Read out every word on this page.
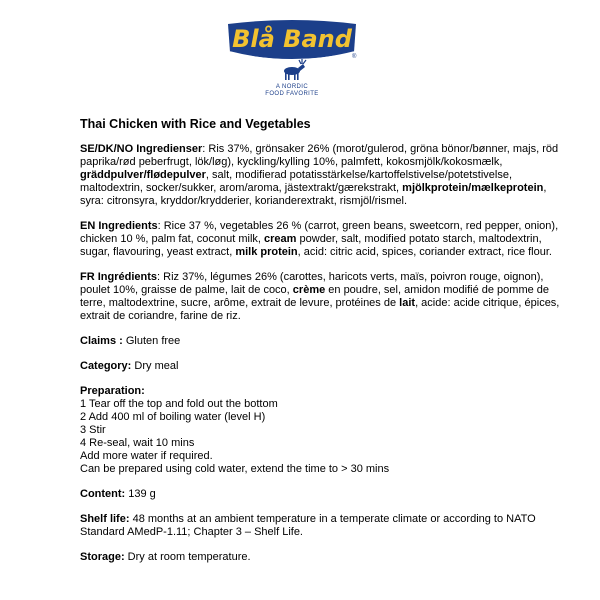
Blå Band
®
A NORDIC
FOOD FAVORITE
Thai Chicken with Rice and Vegetables
SE/DK/NO Ingredienser: Ris 37%, grönsaker 26% (morot/gulerod, gröna bönor/bønner, majs, röd paprika/rød peberfrugt, lök/løg), kyckling/kylling 10%, palmfett, kokosmjölk/kokosmælk, gräddpulver/flødepulver, salt, modifierad potatisstärkelse/kartoffelstivelse/potetstivelse, maltodextrin, socker/sukker, arom/aroma, jästextrakt/gærekstrakt, mjölkprotein/mælkeprotein, syra: citronsyra, kryddor/krydderier, korianderextrakt, rismjöl/rismel.
EN Ingredients: Rice 37 %, vegetables 26 % (carrot, green beans, sweetcorn, red pepper, onion), chicken 10 %, palm fat, coconut milk, cream powder, salt, modified potato starch, maltodextrin, sugar, flavouring, yeast extract, milk protein, acid: citric acid, spices, coriander extract, rice flour.
FR Ingrédients: Riz 37%, légumes 26% (carottes, haricots verts, maïs, poivron rouge, oignon), poulet 10%, graisse de palme, lait de coco, crème en poudre, sel, amidon modifié de pomme de terre, maltodextrine, sucre, arôme, extrait de levure, protéines de lait, acide: acide citrique, épices, extrait de coriandre, farine de riz.
Claims : Gluten free
Category: Dry meal
Preparation:
1 Tear off the top and fold out the bottom
2 Add 400 ml of boiling water (level H)
3 Stir
4 Re-seal, wait 10 mins
Add more water if required.
Can be prepared using cold water, extend the time to > 30 mins
Content: 139 g
Shelf life: 48 months at an ambient temperature in a temperate climate or according to NATO Standard AMedP-1.11; Chapter 3 – Shelf Life.
Storage: Dry at room temperature.
